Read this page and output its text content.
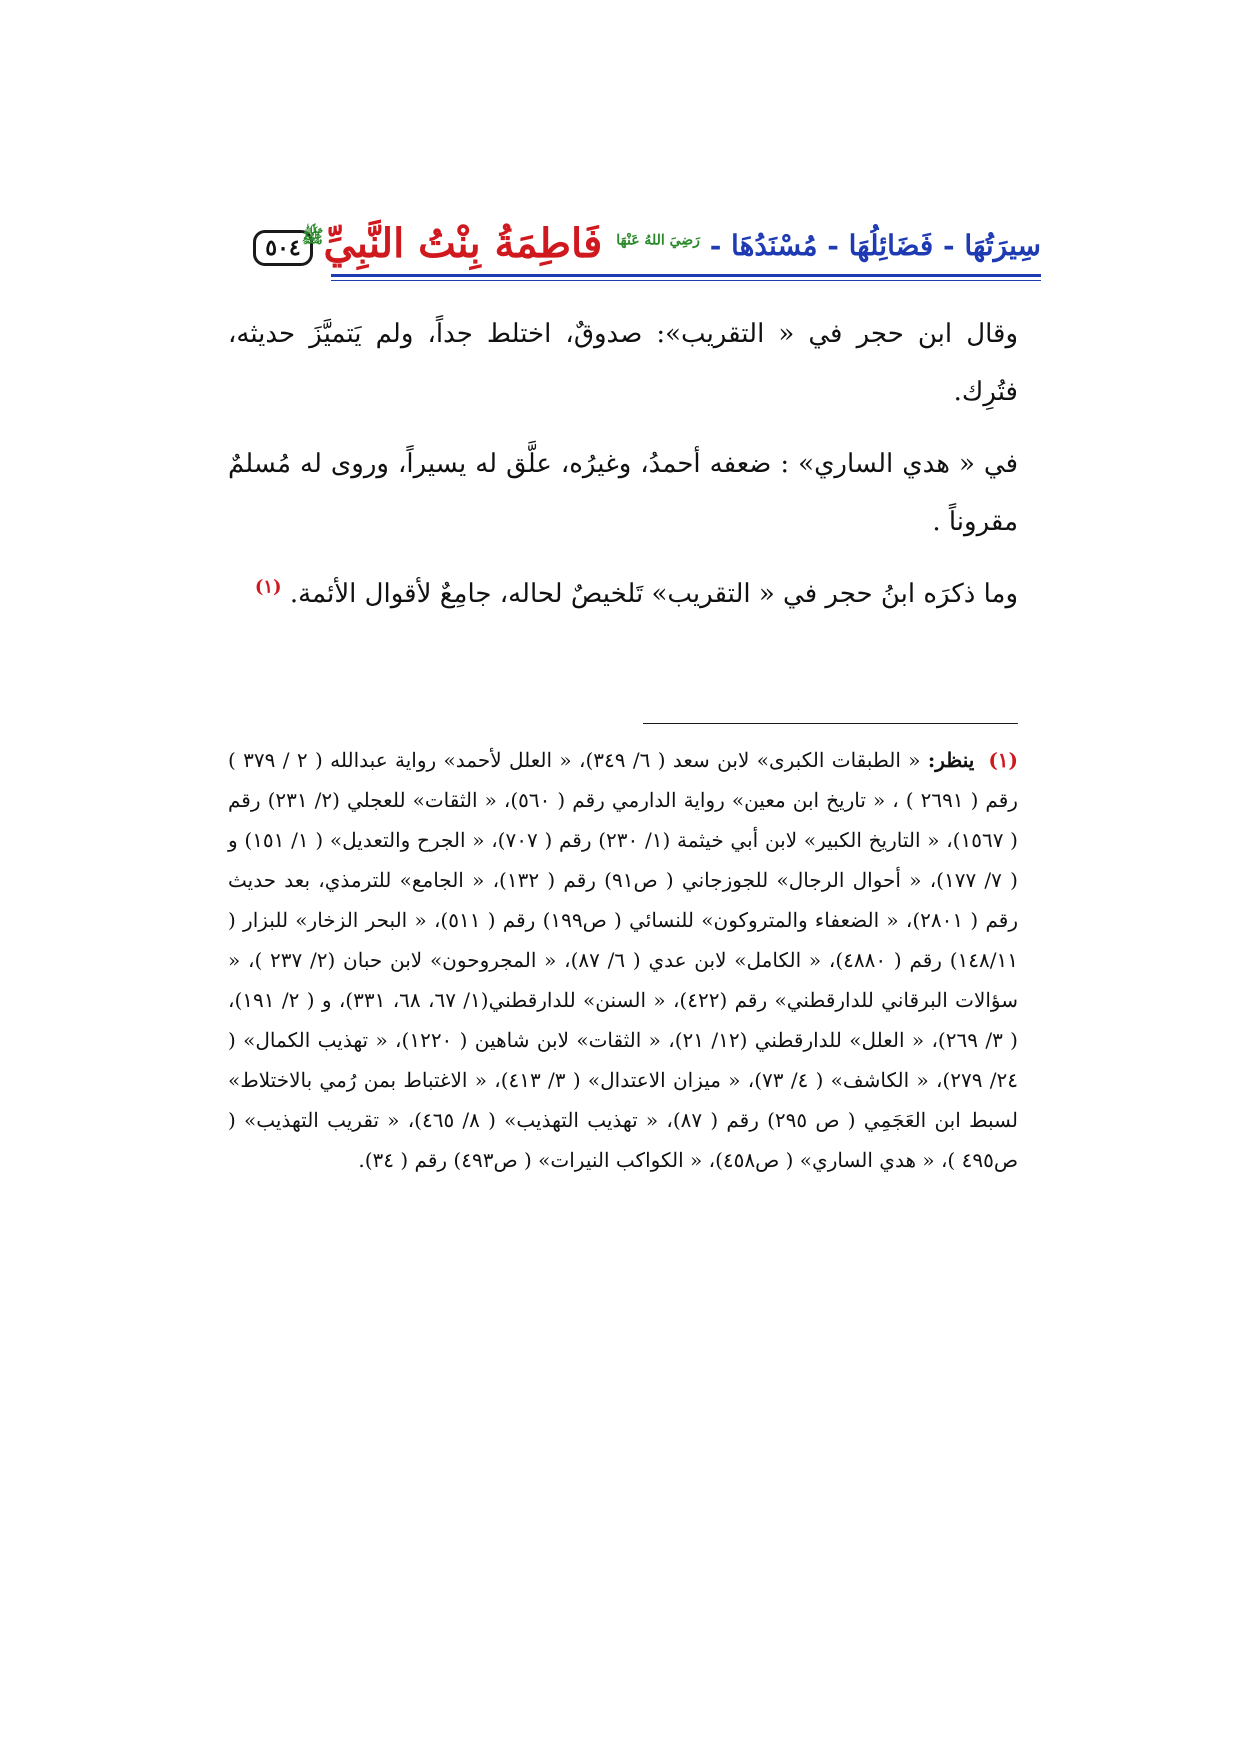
٥٠٤ فَاطِمَةُ بِنْتُ النَّبِيِّ$^ﷺ$	سِيرَتُهَا - فَضَائِلُهَا - مُسْنَدُهَا - $^{رَضِيَ اللهُ عَنْهَا}$

وقال ابن حجر في « التقريب»: صدوقٌ، اختلط جداً، ولم يَتميَّزَ حديثه، فتُرِك.

في « هدي الساري» : ضعفه أحمدُ، وغيرُه، علَّق له يسيراً، وروى له مُسلمٌ مقروناً .

وما ذكرَه ابنُ حجر في « التقريب» تَلخيصٌ لحاله، جامِعٌ لأقوال الأئمة. $^{(١)}$

(١)ينظر: « الطبقات الكبرى» لابن سعد ( ٦/ ٣٤٩)، « العلل لأحمد» رواية عبدالله ( ٢ / ٣٧٩ ) رقم ( ٢٦٩١ ) ، « تاريخ ابن معين» رواية الدارمي رقم ( ٥٦٠)، « الثقات» للعجلي (٢/ ٢٣١) رقم ( ١٥٦٧)، « التاريخ الكبير» لابن أبي خيثمة (١/ ٢٣٠) رقم ( ٧٠٧)، « الجرح والتعديل» ( ١/ ١٥١) و ( ٧/ ١٧٧)، « أحوال الرجال» للجوزجاني ( ص٩١) رقم ( ١٣٢)، « الجامع» للترمذي، بعد حديث رقم ( ٢٨٠١)، « الضعفاء والمتروكون» للنسائي ( ص١٩٩) رقم ( ٥١١)، « البحر الزخار» للبزار ( ١٤٨/١١) رقم ( ٤٨٨٠)، « الكامل» لابن عدي ( ٦/ ٨٧)، « المجروحون» لابن حبان (٢/ ٢٣٧ )، « سؤالات البرقاني للدارقطني» رقم (٤٢٢)، « السنن» للدارقطني(١/ ٦٧، ٦٨، ٣٣١)، و ( ٢/ ١٩١)، ( ٣/ ٢٦٩)، « العلل» للدارقطني (١٢/ ٢١)، « الثقات» لابن شاهين ( ١٢٢٠)، « تهذيب الكمال» ( ٢٤/ ٢٧٩)، « الكاشف» ( ٤/ ٧٣)، « ميزان الاعتدال» ( ٣/ ٤١٣)، « الاغتباط بمن رُمي بالاختلاط» لسبط ابن العَجَمِي ( ص ٢٩٥) رقم ( ٨٧)، « تهذيب التهذيب» ( ٨/ ٤٦٥)، « تقريب التهذيب» ( ص٤٩٥ )، « هدي الساري» ( ص٤٥٨)، « الكواكب النيرات» ( ص٤٩٣) رقم ( ٣٤).
